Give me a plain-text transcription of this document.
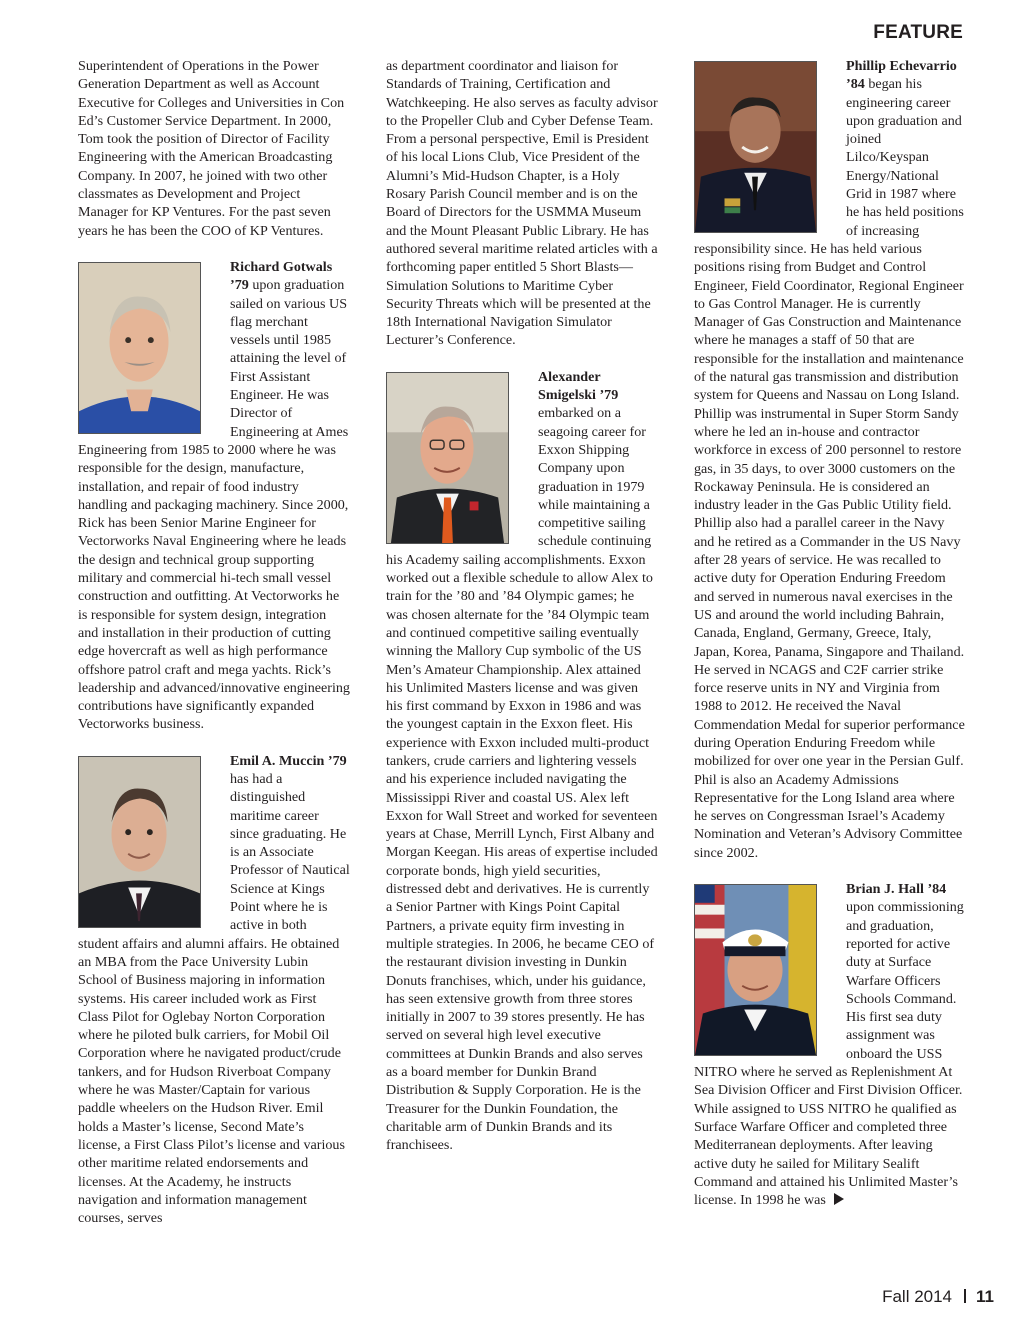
FEATURE

Superintendent of Operations in the Power Generation Department as well as Account Executive for Colleges and Universities in Con Ed’s Customer Service Department. In 2000, Tom took the position of Director of Facility Engineering with the American Broadcasting Company. In 2007, he joined with two other classmates as Development and Project Manager for KP Ventures. For the past seven years he has been the COO of KP Ventures.

Richard Gotwals ’79 upon graduation sailed on various US flag merchant vessels until 1985 attaining the level of First Assistant Engineer. He was Director of Engineering at Ames Engineering from 1985 to 2000 where he was responsible for the design, manufacture, installation, and repair of food industry handling and packaging machinery. Since 2000, Rick has been Senior Marine Engineer for Vectorworks Naval Engineering where he leads the design and technical group supporting military and commercial hi-tech small vessel construction and outfitting. At Vectorworks he is responsible for system design, integration and installation in their production of cutting edge hovercraft as well as high performance offshore patrol craft and mega yachts. Rick’s leadership and advanced/innovative engineering contributions have significantly expanded Vectorworks business.

Emil A. Muccin ’79 has had a distinguished maritime career since graduating. He is an Associate Professor of Nautical Science at Kings Point where he is active in both student affairs and alumni affairs. He obtained an MBA from the Pace University Lubin School of Business majoring in information systems. His career included work as First Class Pilot for Oglebay Norton Corporation where he piloted bulk carriers, for Mobil Oil Corporation where he navigated product/crude tankers, and for Hudson Riverboat Company where he was Master/Captain for various paddle wheelers on the Hudson River. Emil holds a Master’s license, Second Mate’s license, a First Class Pilot’s license and various other maritime related endorsements and licenses. At the Academy, he instructs navigation and information management courses, serves

as department coordinator and liaison for Standards of Training, Certification and Watchkeeping. He also serves as faculty advisor to the Propeller Club and Cyber Defense Team. From a personal perspective, Emil is President of his local Lions Club, Vice President of the Alumni’s Mid-Hudson Chapter, is a Holy Rosary Parish Council member and is on the Board of Directors for the USMMA Museum and the Mount Pleasant Public Library. He has authored several maritime related articles with a forthcoming paper entitled 5 Short Blasts—Simulation Solutions to Maritime Cyber Security Threats which will be presented at the 18th International Navigation Simulator Lecturer’s Conference.

Alexander Smigelski ’79 embarked on a seagoing career for Exxon Shipping Company upon graduation in 1979 while maintaining a competitive sailing schedule continuing his Academy sailing accomplishments. Exxon worked out a flexible schedule to allow Alex to train for the ’80 and ’84 Olympic games; he was chosen alternate for the ’84 Olympic team and continued competitive sailing eventually winning the Mallory Cup symbolic of the US Men’s Amateur Championship. Alex attained his Unlimited Masters license and was given his first command by Exxon in 1986 and was the youngest captain in the Exxon fleet. His experience with Exxon included multi-product tankers, crude carriers and lightering vessels and his experience included navigating the Mississippi River and coastal US. Alex left Exxon for Wall Street and worked for seventeen years at Chase, Merrill Lynch, First Albany and Morgan Keegan. His areas of expertise included corporate bonds, high yield securities, distressed debt and derivatives. He is currently a Senior Partner with Kings Point Capital Partners, a private equity firm investing in multiple strategies. In 2006, he became CEO of the restaurant division investing in Dunkin Donuts franchises, which, under his guidance, has seen extensive growth from three stores initially in 2007 to 39 stores presently. He has served on several high level executive committees at Dunkin Brands and also serves as a board member for Dunkin Brand Distribution & Supply Corporation. He is the Treasurer for the Dunkin Foundation, the charitable arm of Dunkin Brands and its franchisees.

Phillip Echevarrio ’84 began his engineering career upon graduation and joined Lilco/Keyspan Energy/National Grid in 1987 where he has held positions of increasing responsibility since. He has held various positions rising from Budget and Control Engineer, Field Coordinator, Regional Engineer to Gas Control Manager. He is currently Manager of Gas Construction and Maintenance where he manages a staff of 50 that are responsible for the installation and maintenance of the natural gas transmission and distribution system for Queens and Nassau on Long Island. Phillip was instrumental in Super Storm Sandy where he led an in-house and contractor workforce in excess of 200 personnel to restore gas, in 35 days, to over 3000 customers on the Rockaway Peninsula. He is considered an industry leader in the Gas Public Utility field. Phillip also had a parallel career in the Navy and he retired as a Commander in the US Navy after 28 years of service. He was recalled to active duty for Operation Enduring Freedom and served in numerous naval exercises in the US and around the world including Bahrain, Canada, England, Germany, Greece, Italy, Japan, Korea, Panama, Singapore and Thailand. He served in NCAGS and C2F carrier strike force reserve units in NY and Virginia from 1988 to 2012. He received the Naval Commendation Medal for superior performance during Operation Enduring Freedom while mobilized for over one year in the Persian Gulf. Phil is also an Academy Admissions Representative for the Long Island area where he serves on Congressman Israel’s Academy Nomination and Veteran’s Advisory Committee since 2002.

Brian J. Hall ’84 upon commissioning and graduation, reported for active duty at Surface Warfare Officers Schools Command. His first sea duty assignment was onboard the USS NITRO where he served as Replenishment At Sea Division Officer and First Division Officer. While assigned to USS NITRO he qualified as Surface Warfare Officer and completed three Mediterranean deployments. After leaving active duty he sailed for Military Sealift Command and attained his Unlimited Master’s license. In 1998 he was

Fall 2014 11
